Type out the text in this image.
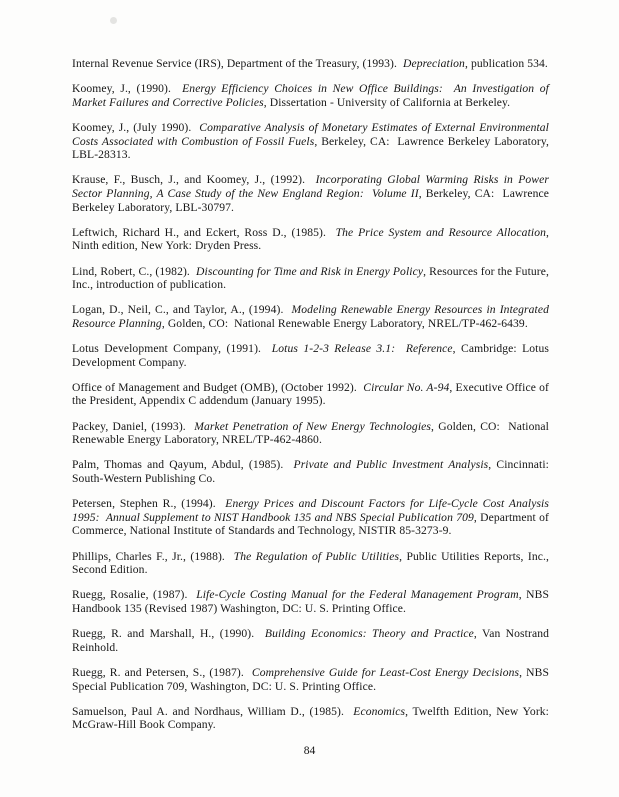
Internal Revenue Service (IRS), Department of the Treasury, (1993).  Depreciation, publication 534.

Koomey, J., (1990).  Energy Efficiency Choices in New Office Buildings:  An Investigation of Market Failures and Corrective Policies, Dissertation - University of California at Berkeley.

Koomey, J., (July 1990).  Comparative Analysis of Monetary Estimates of External Environmental Costs Associated with Combustion of Fossil Fuels, Berkeley, CA:  Lawrence Berkeley Laboratory, LBL-28313.

Krause, F., Busch, J., and Koomey, J., (1992).  Incorporating Global Warming Risks in Power Sector Planning, A Case Study of the New England Region:  Volume II, Berkeley, CA:  Lawrence Berkeley Laboratory, LBL-30797.

Leftwich, Richard H., and Eckert, Ross D., (1985).  The Price System and Resource Allocation, Ninth edition, New York: Dryden Press.

Lind, Robert, C., (1982).  Discounting for Time and Risk in Energy Policy, Resources for the Future, Inc., introduction of publication.

Logan, D., Neil, C., and Taylor, A., (1994).  Modeling Renewable Energy Resources in Integrated Resource Planning, Golden, CO:  National Renewable Energy Laboratory, NREL/TP-462-6439.

Lotus Development Company, (1991).  Lotus 1-2-3 Release 3.1:  Reference, Cambridge: Lotus Development Company.

Office of Management and Budget (OMB), (October 1992).  Circular No. A-94, Executive Office of the President, Appendix C addendum (January 1995).

Packey, Daniel, (1993).  Market Penetration of New Energy Technologies, Golden, CO:  National Renewable Energy Laboratory, NREL/TP-462-4860.

Palm, Thomas and Qayum, Abdul, (1985).  Private and Public Investment Analysis, Cincinnati: South-Western Publishing Co.

Petersen, Stephen R., (1994).  Energy Prices and Discount Factors for Life-Cycle Cost Analysis 1995:  Annual Supplement to NIST Handbook 135 and NBS Special Publication 709, Department of Commerce, National Institute of Standards and Technology, NISTIR 85-3273-9.

Phillips, Charles F., Jr., (1988).  The Regulation of Public Utilities, Public Utilities Reports, Inc., Second Edition.

Ruegg, Rosalie, (1987).  Life-Cycle Costing Manual for the Federal Management Program, NBS Handbook 135 (Revised 1987) Washington, DC: U. S. Printing Office.

Ruegg, R. and Marshall, H., (1990).  Building Economics: Theory and Practice, Van Nostrand Reinhold.

Ruegg, R. and Petersen, S., (1987).  Comprehensive Guide for Least-Cost Energy Decisions, NBS Special Publication 709, Washington, DC: U. S. Printing Office.

Samuelson, Paul A. and Nordhaus, William D., (1985).  Economics, Twelfth Edition, New York: McGraw-Hill Book Company.

84
